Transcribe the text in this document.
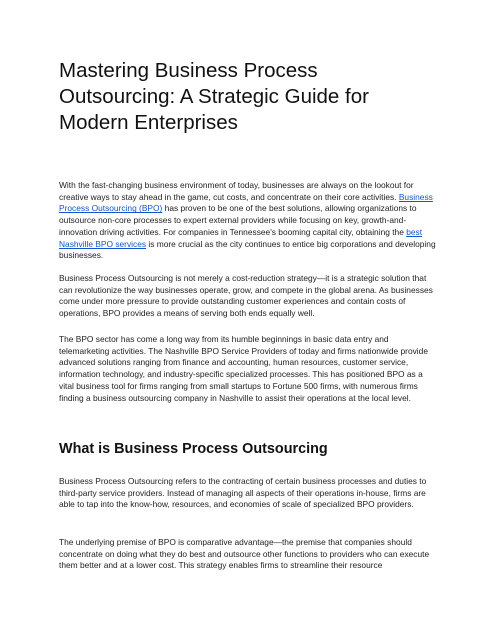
Mastering Business Process Outsourcing: A Strategic Guide for Modern Enterprises

With the fast-changing business environment of today, businesses are always on the lookout for creative ways to stay ahead in the game, cut costs, and concentrate on their core activities. Business Process Outsourcing (BPO) has proven to be one of the best solutions, allowing organizations to outsource non-core processes to expert external providers while focusing on key, growth-and-innovation driving activities. For companies in Tennessee's booming capital city, obtaining the best Nashville BPO services is more crucial as the city continues to entice big corporations and developing businesses.

Business Process Outsourcing is not merely a cost-reduction strategy—it is a strategic solution that can revolutionize the way businesses operate, grow, and compete in the global arena. As businesses come under more pressure to provide outstanding customer experiences and contain costs of operations, BPO provides a means of serving both ends equally well.

The BPO sector has come a long way from its humble beginnings in basic data entry and telemarketing activities. The Nashville BPO Service Providers of today and firms nationwide provide advanced solutions ranging from finance and accounting, human resources, customer service, information technology, and industry-specific specialized processes. This has positioned BPO as a vital business tool for firms ranging from small startups to Fortune 500 firms, with numerous firms finding a business outsourcing company in Nashville to assist their operations at the local level.

What is Business Process Outsourcing

Business Process Outsourcing refers to the contracting of certain business processes and duties to third-party service providers. Instead of managing all aspects of their operations in-house, firms are able to tap into the know-how, resources, and economies of scale of specialized BPO providers.

The underlying premise of BPO is comparative advantage—the premise that companies should concentrate on doing what they do best and outsource other functions to providers who can execute them better and at a lower cost. This strategy enables firms to streamline their resource
